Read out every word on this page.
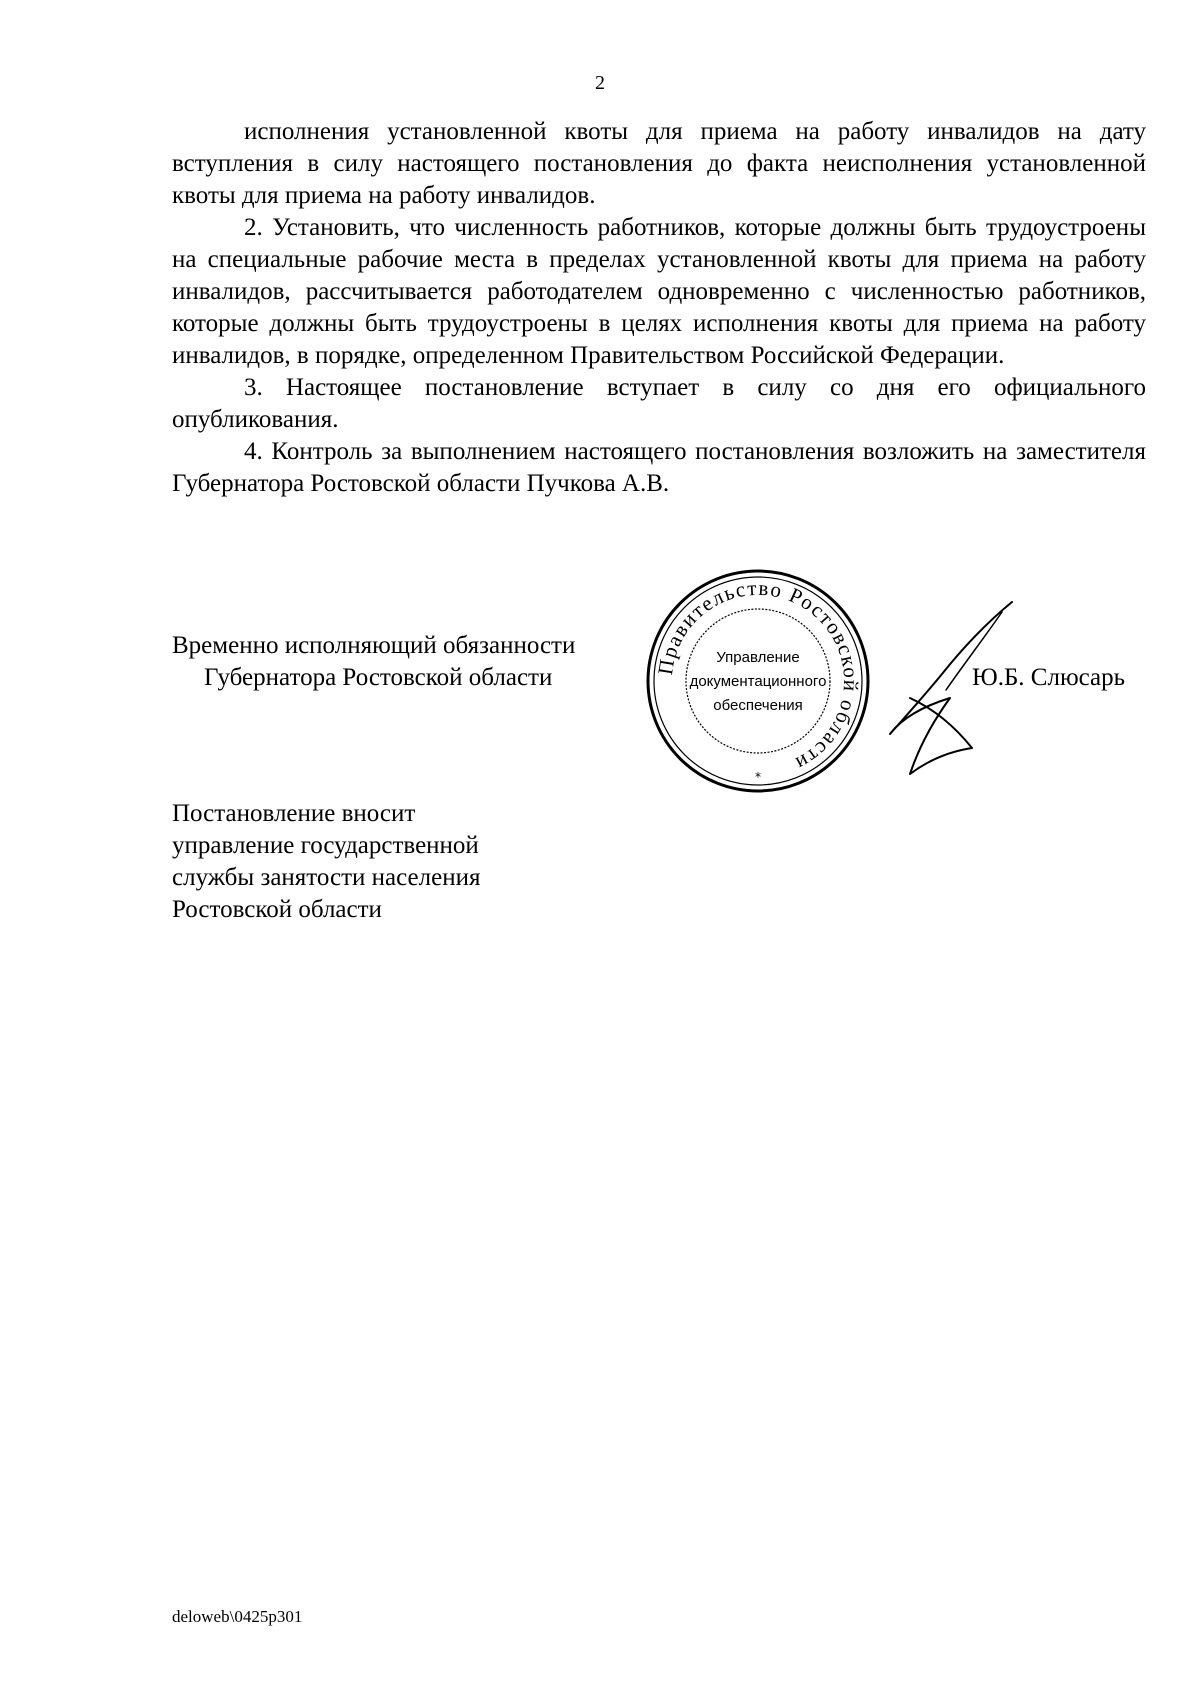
2

исполнения установленной квоты для приема на работу инвалидов на дату вступления в силу настоящего постановления до факта неисполнения установленной квоты для приема на работу инвалидов.

2. Установить, что численность работников, которые должны быть трудоустроены на специальные рабочие места в пределах установленной квоты для приема на работу инвалидов, рассчитывается работодателем одновременно с численностью работников, которые должны быть трудоустроены в целях исполнения квоты для приема на работу инвалидов, в порядке, определенном Правительством Российской Федерации.

3. Настоящее постановление вступает в силу со дня его официального опубликования.

4. Контроль за выполнением настоящего постановления возложить на заместителя Губернатора Ростовской области Пучкова А.В.

Временно исполняющий обязанности
Губернатора Ростовской области	Ю.Б. Слюсарь
Правительство Ростовской области
Управление
документационного
обеспечения
*
Постановление вносит
управление государственной
службы занятости населения
Ростовской области
deloweb\0425p301
